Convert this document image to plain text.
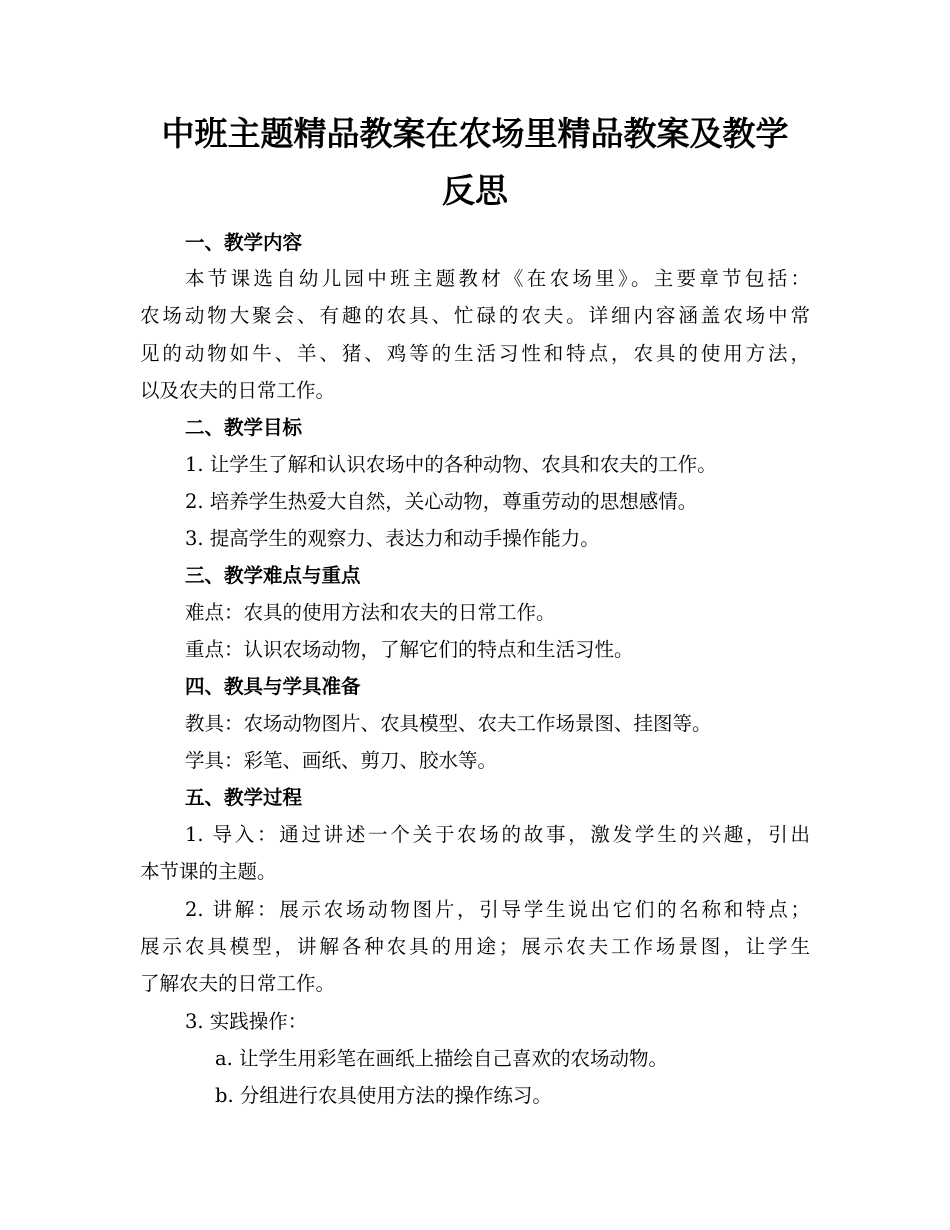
中班主题精品教案在农场里精品教案及教学
反思
一、教学内容
本节课选自幼儿园中班主题教材《在农场里》。主要章节包括：
农场动物大聚会、有趣的农具、忙碌的农夫。详细内容涵盖农场中常
见的动物如牛、羊、猪、鸡等的生活习性和特点，农具的使用方法，
以及农夫的日常工作。
二、教学目标
1. 让学生了解和认识农场中的各种动物、农具和农夫的工作。
2. 培养学生热爱大自然，关心动物，尊重劳动的思想感情。
3. 提高学生的观察力、表达力和动手操作能力。
三、教学难点与重点
难点：农具的使用方法和农夫的日常工作。
重点：认识农场动物，了解它们的特点和生活习性。
四、教具与学具准备
教具：农场动物图片、农具模型、农夫工作场景图、挂图等。
学具：彩笔、画纸、剪刀、胶水等。
五、教学过程
1. 导入：通过讲述一个关于农场的故事，激发学生的兴趣，引出
本节课的主题。
2. 讲解：展示农场动物图片，引导学生说出它们的名称和特点；
展示农具模型，讲解各种农具的用途；展示农夫工作场景图，让学生
了解农夫的日常工作。
3. 实践操作：
a. 让学生用彩笔在画纸上描绘自己喜欢的农场动物。
b. 分组进行农具使用方法的操作练习。
